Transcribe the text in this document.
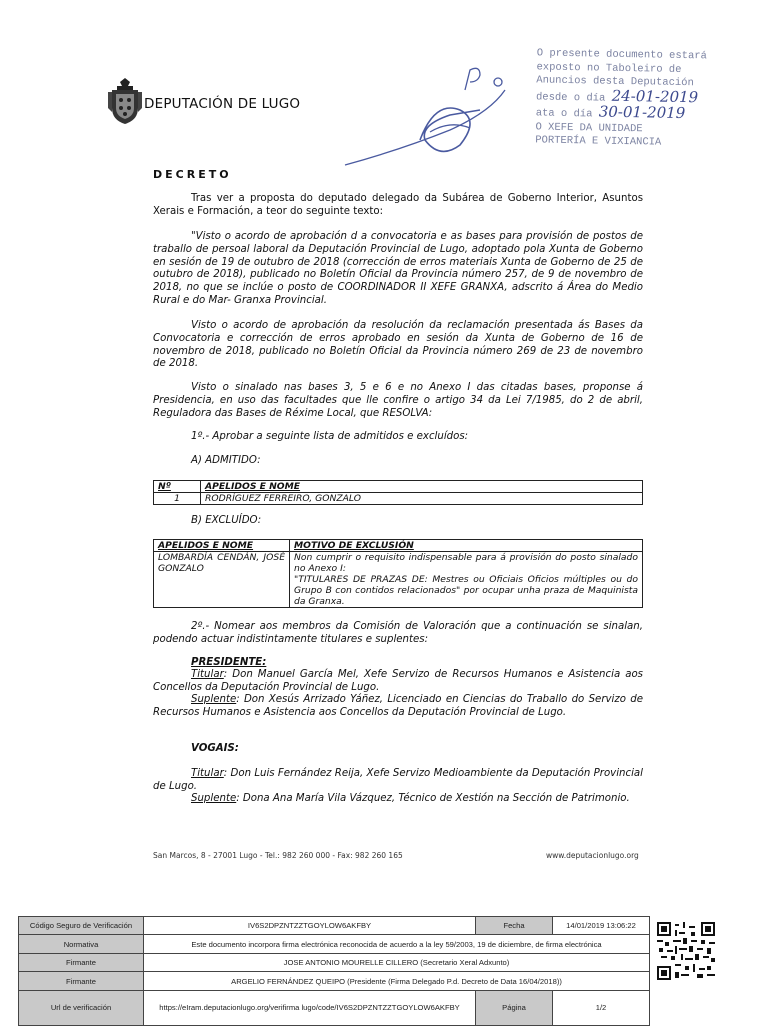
DEPUTACIÓN DE LUGO
O presente documento estará
exposto no Taboleiro de
Anuncios desta Deputación
desde o día 24-01-2019
ata o día 30-01-2019
O XEFE DA UNIDADE
PORTERÍA E VIXIANCIA
DECRETO
Tras ver a proposta do deputado delegado da Subárea de Goberno Interior, Asuntos Xerais e Formación, a teor do seguinte texto:
"Visto o acordo de aprobación d a convocatoria e as bases para provisión de postos de traballo de persoal laboral da Deputación Provincial de Lugo, adoptado pola Xunta de Goberno en sesión de 19 de outubro de 2018 (corrección de erros materiais Xunta de Goberno de 25 de outubro de 2018), publicado no Boletín Oficial da Provincia número 257, de 9 de novembro de 2018, no que se inclúe o posto de COORDINADOR II XEFE GRANXA, adscrito á Área do Medio Rural e do Mar- Granxa Provincial.
Visto o acordo de aprobación da resolución da reclamación presentada ás Bases da Convocatoria e corrección de erros aprobado en sesión da Xunta de Goberno de 16 de novembro de 2018, publicado no Boletín Oficial da Provincia número 269 de 23 de novembro de 2018.
Visto o sinalado nas bases 3, 5 e 6 e no Anexo I das citadas bases, proponse á Presidencia, en uso das facultades que lle confire o artigo 34 da Lei 7/1985, do 2 de abril, Reguladora das Bases de Réxime Local, que RESOLVA:
1º.- Aprobar a seguinte lista de admitidos e excluídos:
A) ADMITIDO:
Nº	APELIDOS E NOME
1	RODRÍGUEZ FERREIRO, GONZALO
B) EXCLUÍDO:
APELIDOS E NOME	MOTIVO DE EXCLUSIÓN
LOMBARDÍA CENDÁN, JOSÉ GONZALO	Non cumprir o requisito indispensable para á provisión do posto sinalado no Anexo I:
"TITULARES DE PRAZAS DE: Mestres ou Oficiais Oficios múltiples ou do Grupo B con contidos relacionados" por ocupar unha praza de Maquinista da Granxa.
2º.- Nomear aos membros da Comisión de Valoración que a continuación se sinalan, podendo actuar indistintamente titulares e suplentes:
PRESIDENTE:
Titular: Don Manuel García Mel, Xefe Servizo de Recursos Humanos e Asistencia aos Concellos da Deputación Provincial de Lugo.
Suplente: Don Xesús Arrizado Yáñez, Licenciado en Ciencias do Traballo do Servizo de Recursos Humanos e Asistencia aos Concellos da Deputación Provincial de Lugo.
VOGAIS:
Titular: Don Luis Fernández Reija, Xefe Servizo Medioambiente da Deputación Provincial de Lugo.
Suplente: Dona Ana María Vila Vázquez, Técnico de Xestión na Sección de Patrimonio.
San Marcos, 8 - 27001 Lugo - Tel.: 982 260 000 - Fax: 982 260 165	www.deputacionlugo.org
Código Seguro de Verificación	IV6S2DPZNTZZTGOYLOW6AKFBY	Fecha	14/01/2019 13:06:22
Normativa	Este documento incorpora firma electrónica reconocida de acuerdo a la ley 59/2003, 19 de diciembre, de firma electrónica		
Firmante	JOSE ANTONIO MOURELLE CILLERO (Secretario Xeral Adxunto)		
Firmante	ARGELIO FERNÁNDEZ QUEIPO (Presidente (Firma Delegado P.d. Decreto de Data 16/04/2018))		
Url de verificación	https://eIram.deputacionlugo.org/verifirma lugo/code/IV6S2DPZNTZZTGOYLOW6AKFBY	Página	1/2
